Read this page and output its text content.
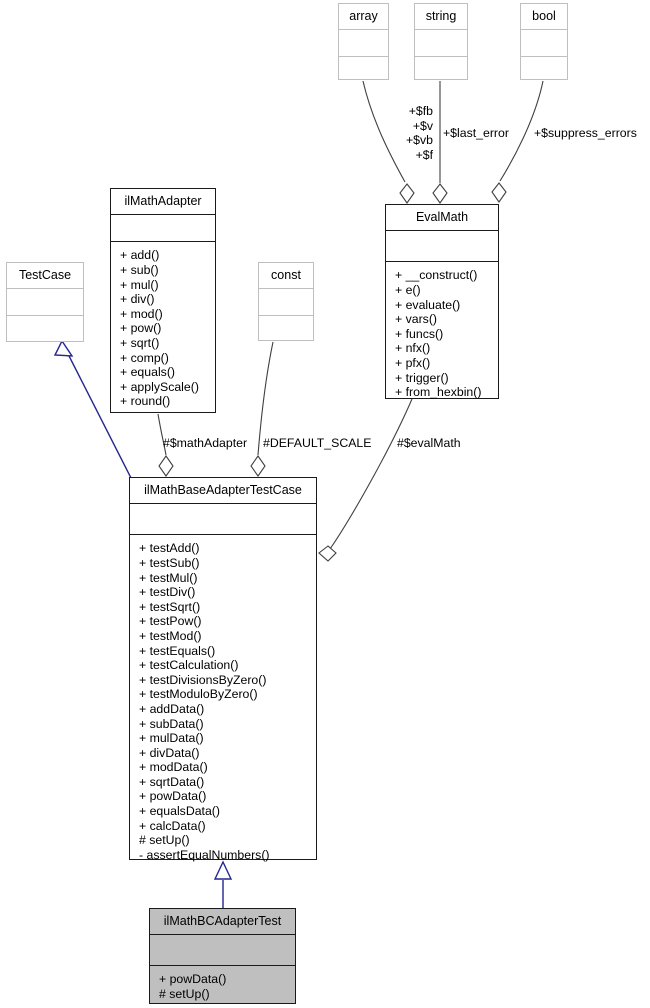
+$fb
+$v
+$vb
+$f
+$last_error +$suppress_errors
#$mathAdapter #DEFAULT_SCALE #$evalMath
array	string	bool
TestCase	const
ilMathAdapter
+ add()
+ sub()
+ mul()
+ div()
+ mod()
+ pow()
+ sqrt()
+ comp()
+ equals()
+ applyScale()
+ round()
EvalMath
+ __construct()
+ e()
+ evaluate()
+ vars()
+ funcs()
+ nfx()
+ pfx()
+ trigger()
+ from_hexbin()
ilMathBaseAdapterTestCase
+ testAdd()
+ testSub()
+ testMul()
+ testDiv()
+ testSqrt()
+ testPow()
+ testMod()
+ testEquals()
+ testCalculation()
+ testDivisionsByZero()
+ testModuloByZero()
+ addData()
+ subData()
+ mulData()
+ divData()
+ modData()
+ sqrtData()
+ powData()
+ equalsData()
+ calcData()
# setUp()
- assertEqualNumbers()
ilMathBCAdapterTest
+ powData()
# setUp()
